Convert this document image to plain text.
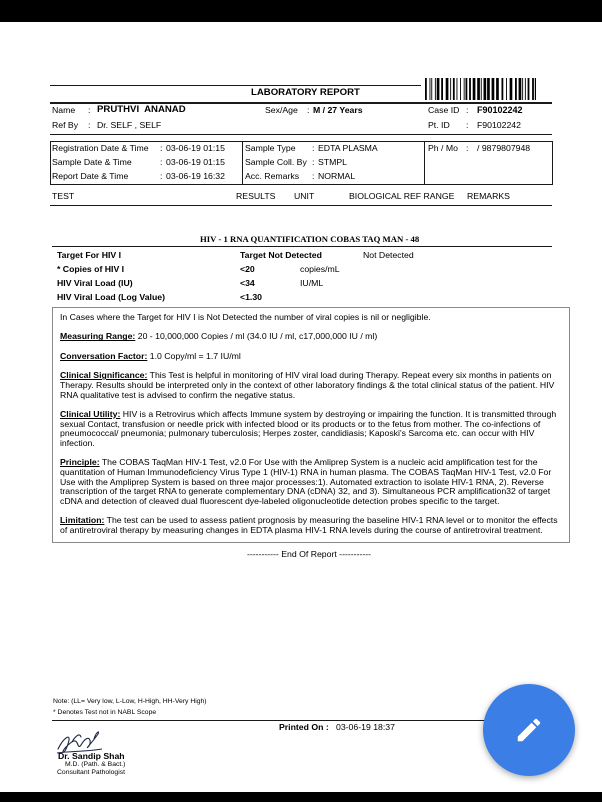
LABORATORY REPORT
Name : PRUTHVI  ANANAD	Sex/Age : M / 27 Years	Case ID : F90102242
Ref By : Dr. SELF , SELF	Pt. ID : F90102242
Registration Date & Time : 03-06-19 01:15 Sample Type : EDTA PLASMA	Ph / Mo : / 9879807948
Sample Date & Time	: 03-06-19 01:15 Sample Coll. By : STMPL
Report Date & Time	: 03-06-19 16:32 Acc. Remarks : NORMAL
TEST	RESULTS UNIT	BIOLOGICAL REF RANGE REMARKS
HIV - 1 RNA QUANTIFICATION COBAS TAQ MAN - 48
Target For HIV I	Target Not Detected	Not Detected
* Copies of HIV I	<20	copies/mL
HIV Viral Load (IU)	<34	IU/ML
HIV Viral Load (Log Value)	<1.30
In Cases where the Target for HIV I is Not Detected the number of viral copies is nil or negligible.
Measuring Range: 20 - 10,000,000 Copies / ml (34.0 IU / ml, c17,000,000 IU / ml)
Conversation Factor: 1.0 Copy/ml = 1.7 IU/ml
Clinical Significance: This Test is helpful in monitoring of HIV viral load during Therapy. Repeat every six months in patients on
Therapy. Results should be interpreted only in the context of other laboratory findings & the total clinical status of the patient. HIV
RNA qualitative test is advised to confirm the negative status.
Clinical Utility: HIV is a Retrovirus which affects Immune system by destroying or impairing the function. It is transmitted through
sexual Contact, transfusion or needle prick with infected blood or its products or to the fetus from mother. The co-infections of
pneumococcal/ pneumonia; pulmonary tuberculosis; Herpes zoster, candidiasis; Kaposki's Sarcoma etc. can occur with HIV
infection.
Principle: The COBAS TaqMan HIV-1 Test, v2.0 For Use with the Amliprep System is a nucleic acid amplification test for the
quantitation of Human Immunodeficiency Virus Type 1 (HIV-1) RNA in human plasma. The COBAS TaqMan HIV-1 Test, v2.0 For
Use with the Ampliprep System is based on three major processes:1). Automated extraction to isolate HIV-1 RNA, 2). Reverse
transcription of the target RNA to generate complementary DNA (cDNA) 32, and 3). Simultaneous PCR amplification32 of target
cDNA and detection of cleaved dual fluorescent dye-labeled oligonucleotide detection probes specific to the target.
Limitation: The test can be used to assess patient prognosis by measuring the baseline HIV-1 RNA level or to monitor the effects
of antiretroviral therapy by measuring changes in EDTA plasma HIV-1 RNA levels during the course of antiretroviral treatment.
----------- End Of Report -----------
Note: (LL= Very low, L-Low, H-High, HH-Very High)
* Denotes Test not in NABL Scope
Printed On : 03-06-19 18:37
Dr. Sandip Shah
M.D. (Path. & Bact.)
Consultant Pathologist
